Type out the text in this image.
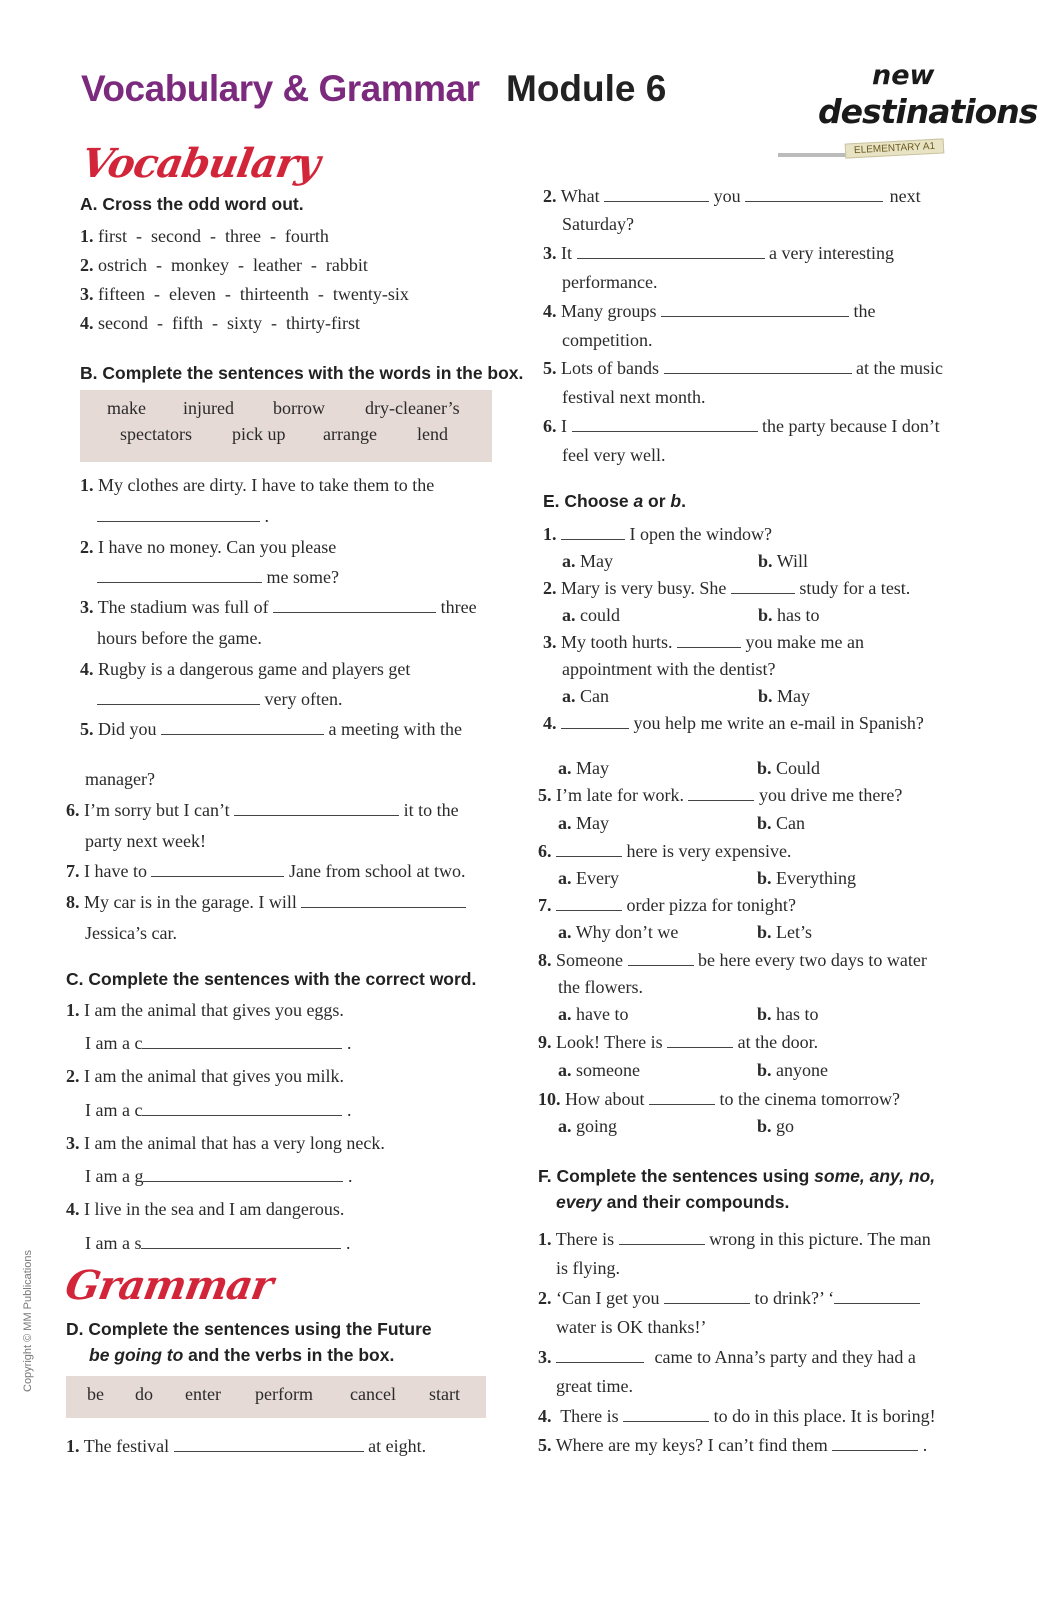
Vocabulary & Grammar Module 6	new
destinations
ELEMENTARY A1
Vocabulary
A. Cross the odd word out.
1. first  -  second  -  three  -  fourth
2. ostrich  -  monkey  -  leather  -  rabbit
3. fifteen  -  eleven  -  thirteenth  -  twenty-six
4. second  -  fifth  -  sixty  -  thirty-first
B. Complete the sentences with the words in the box.
make injured borrow dry-cleaner’s
spectators pick up arrange lend
1. My clothes are dirty. I have to take them to the
.
2. I have no money. Can you please
me some?
3. The stadium was full of	three
hours before the game.
4. Rugby is a dangerous game and players get
very often.
5. Did you	a meeting with the
manager?
6. I’m sorry but I can’t	it to the
party next week!
7. I have to	Jane from school at two.
8. My car is in the garage. I will
Jessica’s car.
C. Complete the sentences with the correct word.
1. I am the animal that gives you eggs.
I am a c	.
2. I am the animal that gives you milk.
I am a c	.
3. I am the animal that has a very long neck.
I am a g	.
4. I live in the sea and I am dangerous.
I am a s	.
Grammar
D. Complete the sentences using the Future
be going to and the verbs in the box.
be do enter perform cancel start
1. The festival	at eight.
2. What	you	next
Saturday?
3. It	a very interesting
performance.
4. Many groups	the
competition.
5. Lots of bands	at the music
festival next month.
6. I	the party because I don’t
feel very well.
E. Choose a or b.
1.	I open the window?
a. May	b. Will
2. Mary is very busy. She	study for a test.
a. could	b. has to
3. My tooth hurts.	you make me an
appointment with the dentist?
a. Can	b. May
4.	you help me write an e-mail in Spanish?
a. May	b. Could
5. I’m late for work.	you drive me there?
a. May	b. Can
6.	here is very expensive.
a. Every	b. Everything
7.	order pizza for tonight?
a. Why don’t we	b. Let’s
8. Someone	be here every two days to water
the flowers.
a. have to	b. has to
9. Look! There is	at the door.
a. someone	b. anyone
10. How about	to the cinema tomorrow?
a. going	b. go
F. Complete the sentences using some, any, no,
every and their compounds.
1. There is	wrong in this picture. The man
is flying.
2. ‘Can I get you	to drink?’ ‘
water is OK thanks!’
3.	came to Anna’s party and they had a
great time.
4. There is	to do in this place. It is boring!
5. Where are my keys? I can’t find them	.
Copyright © MM Publications
